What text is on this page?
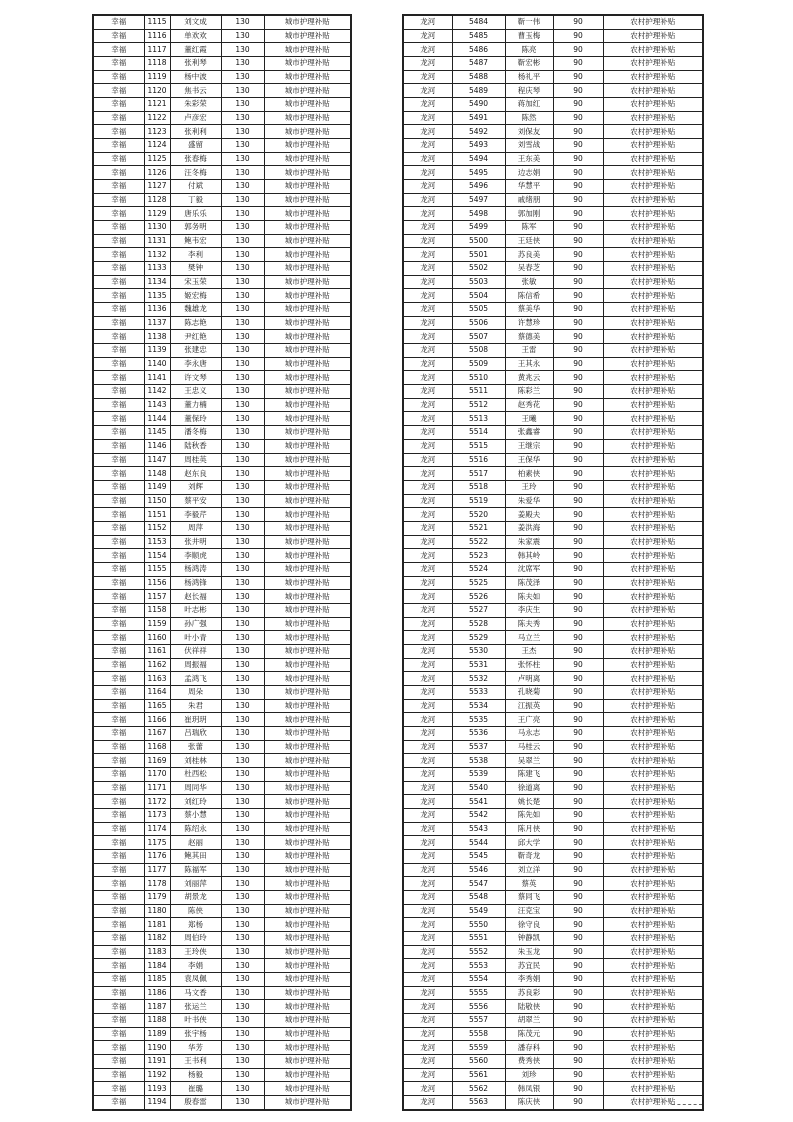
幸福	1115	刘文成	130	城市护理补贴
幸福	1116	单欢欢	130	城市护理补贴
幸福	1117	董红霞	130	城市护理补贴
幸福	1118	张利琴	130	城市护理补贴
幸福	1119	杨中波	130	城市护理补贴
幸福	1120	焦书云	130	城市护理补贴
幸福	1121	朱彩荣	130	城市护理补贴
幸福	1122	卢彦宏	130	城市护理补贴
幸福	1123	张利利	130	城市护理补贴
幸福	1124	盛留	130	城市护理补贴
幸福	1125	张春梅	130	城市护理补贴
幸福	1126	汪冬梅	130	城市护理补贴
幸福	1127	付斌	130	城市护理补贴
幸福	1128	丁毅	130	城市护理补贴
幸福	1129	唐乐乐	130	城市护理补贴
幸福	1130	郭务明	130	城市护理补贴
幸福	1131	鲍韦宏	130	城市护理补贴
幸福	1132	李利	130	城市护理补贴
幸福	1133	樊钟	130	城市护理补贴
幸福	1134	宋玉荣	130	城市护理补贴
幸福	1135	姬宏梅	130	城市护理补贴
幸福	1136	魏雄龙	130	城市护理补贴
幸福	1137	陈志艳	130	城市护理补贴
幸福	1138	尹红艳	130	城市护理补贴
幸福	1139	张建忠	130	城市护理补贴
幸福	1140	李永唐	130	城市护理补贴
幸福	1141	许文琴	130	城市护理补贴
幸福	1142	王忠义	130	城市护理补贴
幸福	1143	董力楠	130	城市护理补贴
幸福	1144	董保玲	130	城市护理补贴
幸福	1145	潘冬梅	130	城市护理补贴
幸福	1146	陆秋香	130	城市护理补贴
幸福	1147	周桂英	130	城市护理补贴
幸福	1148	赵东良	130	城市护理补贴
幸福	1149	刘辉	130	城市护理补贴
幸福	1150	蔡平安	130	城市护理补贴
幸福	1151	李毅芹	130	城市护理补贴
幸福	1152	周萍	130	城市护理补贴
幸福	1153	张井明	130	城市护理补贴
幸福	1154	李顺虎	130	城市护理补贴
幸福	1155	杨鸿涛	130	城市护理补贴
幸福	1156	杨鸿锋	130	城市护理补贴
幸福	1157	赵长福	130	城市护理补贴
幸福	1158	叶志彬	130	城市护理补贴
幸福	1159	孙广强	130	城市护理补贴
幸福	1160	叶小青	130	城市护理补贴
幸福	1161	伏祥祥	130	城市护理补贴
幸福	1162	周振福	130	城市护理补贴
幸福	1163	孟鸿飞	130	城市护理补贴
幸福	1164	周朵	130	城市护理补贴
幸福	1165	朱君	130	城市护理补贴
幸福	1166	崔玥玥	130	城市护理补贴
幸福	1167	吕瑞欣	130	城市护理补贴
幸福	1168	张蕾	130	城市护理补贴
幸福	1169	刘桂林	130	城市护理补贴
幸福	1170	杜西松	130	城市护理补贴
幸福	1171	周同华	130	城市护理补贴
幸福	1172	刘红玲	130	城市护理补贴
幸福	1173	蔡小慧	130	城市护理补贴
幸福	1174	陈绍永	130	城市护理补贴
幸福	1175	赵丽	130	城市护理补贴
幸福	1176	鲍其田	130	城市护理补贴
幸福	1177	陈福军	130	城市护理补贴
幸福	1178	刘丽萍	130	城市护理补贴
幸福	1179	胡景龙	130	城市护理补贴
幸福	1180	陈侠	130	城市护理补贴
幸福	1181	郑杨	130	城市护理补贴
幸福	1182	周伯玲	130	城市护理补贴
幸福	1183	王玲侠	130	城市护理补贴
幸福	1184	李娟	130	城市护理补贴
幸福	1185	袁凤佩	130	城市护理补贴
幸福	1186	马文香	130	城市护理补贴
幸福	1187	张运兰	130	城市护理补贴
幸福	1188	叶书侠	130	城市护理补贴
幸福	1189	张宇杨	130	城市护理补贴
幸福	1190	华芳	130	城市护理补贴
幸福	1191	王书利	130	城市护理补贴
幸福	1192	杨毅	130	城市护理补贴
幸福	1193	崔璐	130	城市护理补贴
幸福	1194	殷春雷	130	城市护理补贴
龙河	5484	靳一伟	90	农村护理补贴
龙河	5485	曹玉梅	90	农村护理补贴
龙河	5486	陈亮	90	农村护理补贴
龙河	5487	靳宏彬	90	农村护理补贴
龙河	5488	杨礼平	90	农村护理补贴
龙河	5489	程庆琴	90	农村护理补贴
龙河	5490	蒋加红	90	农村护理补贴
龙河	5491	陈然	90	农村护理补贴
龙河	5492	刘保友	90	农村护理补贴
龙河	5493	刘雪战	90	农村护理补贴
龙河	5494	王东美	90	农村护理补贴
龙河	5495	边志娟	90	农村护理补贴
龙河	5496	华慧平	90	农村护理补贴
龙河	5497	戚绪朋	90	农村护理补贴
龙河	5498	郭加刚	90	农村护理补贴
龙河	5499	陈军	90	农村护理补贴
龙河	5500	王廷侠	90	农村护理补贴
龙河	5501	苏良美	90	农村护理补贴
龙河	5502	吴春芝	90	农村护理补贴
龙河	5503	张敏	90	农村护理补贴
龙河	5504	陈信希	90	农村护理补贴
龙河	5505	蔡美华	90	农村护理补贴
龙河	5506	许慧珍	90	农村护理补贴
龙河	5507	蔡德美	90	农村护理补贴
龙河	5508	王雷	90	农村护理补贴
龙河	5509	王其永	90	农村护理补贴
龙河	5510	黄兆云	90	农村护理补贴
龙河	5511	陈彩兰	90	农村护理补贴
龙河	5512	赵秀花	90	农村护理补贴
龙河	5513	王曦	90	农村护理补贴
龙河	5514	张鑫睿	90	农村护理补贴
龙河	5515	王继宗	90	农村护理补贴
龙河	5516	王保华	90	农村护理补贴
龙河	5517	柏素侠	90	农村护理补贴
龙河	5518	王玲	90	农村护理补贴
龙河	5519	朱爱华	90	农村护理补贴
龙河	5520	姜殿夫	90	农村护理补贴
龙河	5521	姜洪海	90	农村护理补贴
龙河	5522	朱家震	90	农村护理补贴
龙河	5523	韩其岭	90	农村护理补贴
龙河	5524	沈席军	90	农村护理补贴
龙河	5525	陈茂泽	90	农村护理补贴
龙河	5526	陈夫如	90	农村护理补贴
龙河	5527	李庆生	90	农村护理补贴
龙河	5528	陈夫秀	90	农村护理补贴
龙河	5529	马立兰	90	农村护理补贴
龙河	5530	王杰	90	农村护理补贴
龙河	5531	张怀柱	90	农村护理补贴
龙河	5532	卢明离	90	农村护理补贴
龙河	5533	孔晓菊	90	农村护理补贴
龙河	5534	江振英	90	农村护理补贴
龙河	5535	王广亮	90	农村护理补贴
龙河	5536	马永志	90	农村护理补贴
龙河	5537	马桂云	90	农村护理补贴
龙河	5538	吴翠兰	90	农村护理补贴
龙河	5539	陈建飞	90	农村护理补贴
龙河	5540	徐道离	90	农村护理补贴
龙河	5541	姚长楚	90	农村护理补贴
龙河	5542	陈先如	90	农村护理补贴
龙河	5543	陈月侠	90	农村护理补贴
龙河	5544	邱大学	90	农村护理补贴
龙河	5545	靳奇龙	90	农村护理补贴
龙河	5546	刘立洋	90	农村护理补贴
龙河	5547	蔡英	90	农村护理补贴
龙河	5548	蔡同飞	90	农村护理补贴
龙河	5549	汪克宝	90	农村护理补贴
龙河	5550	徐守良	90	农村护理补贴
龙河	5551	钟静凯	90	农村护理补贴
龙河	5552	朱玉龙	90	农村护理补贴
龙河	5553	苏宜民	90	农村护理补贴
龙河	5554	李秀娟	90	农村护理补贴
龙河	5555	苏良彩	90	农村护理补贴
龙河	5556	陆敬侠	90	农村护理补贴
龙河	5557	胡翠兰	90	农村护理补贴
龙河	5558	陈茂元	90	农村护理补贴
龙河	5559	潘存科	90	农村护理补贴
龙河	5560	费秀侠	90	农村护理补贴
龙河	5561	刘珍	90	农村护理补贴
龙河	5562	韩凤银	90	农村护理补贴
龙河	5563	陈庆侠	90	农村护理补贴
